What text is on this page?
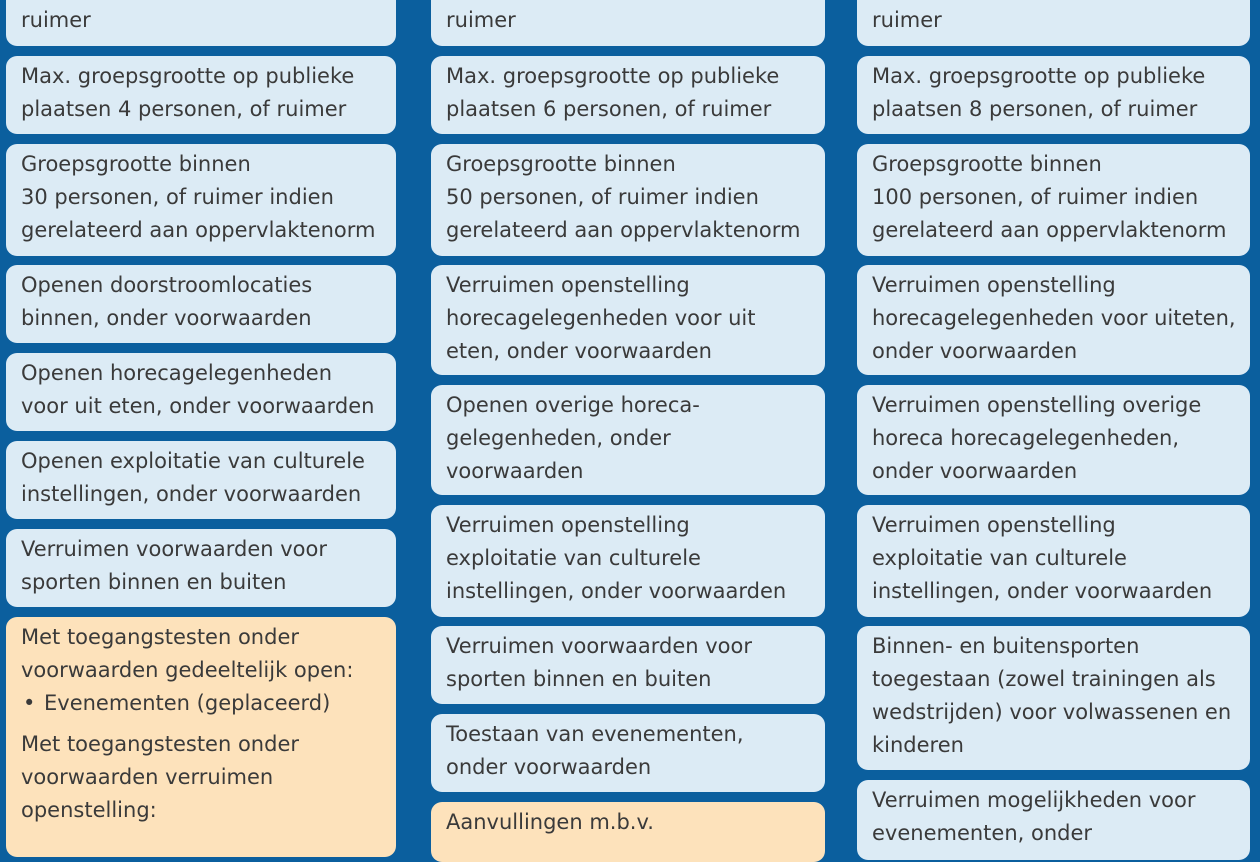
ruimer

Max. groepsgrootte op publieke
plaatsen 4 personen, of ruimer

Groepsgrootte binnen
30 personen, of ruimer indien
gerelateerd aan oppervlaktenorm

Openen doorstroomlocaties
binnen, onder voorwaarden

Openen horecagelegenheden
voor uit eten, onder voorwaarden

Openen exploitatie van culturele
instellingen, onder voorwaarden

Verruimen voorwaarden voor
sporten binnen en buiten

Met toegangstesten onder
voorwaarden gedeeltelijk open:

• Evenementen (geplaceerd)

Met toegangstesten onder
voorwaarden verruimen
openstelling:

ruimer

Max. groepsgrootte op publieke
plaatsen 6 personen, of ruimer

Groepsgrootte binnen
50 personen, of ruimer indien
gerelateerd aan oppervlaktenorm

Verruimen openstelling
horecagelegenheden voor uit
eten, onder voorwaarden

Openen overige horeca-
gelegenheden, onder
voorwaarden

Verruimen openstelling
exploitatie van culturele
instellingen, onder voorwaarden

Verruimen voorwaarden voor
sporten binnen en buiten

Toestaan van evenementen,
onder voorwaarden

Aanvullingen m.b.v.

ruimer

Max. groepsgrootte op publieke
plaatsen 8 personen, of ruimer

Groepsgrootte binnen
100 personen, of ruimer indien
gerelateerd aan oppervlaktenorm

Verruimen openstelling
horecagelegenheden voor uiteten,
onder voorwaarden

Verruimen openstelling overige
horeca horecagelegenheden,
onder voorwaarden

Verruimen openstelling
exploitatie van culturele
instellingen, onder voorwaarden

Binnen- en buitensporten
toegestaan (zowel trainingen als
wedstrijden) voor volwassenen en
kinderen

Verruimen mogelijkheden voor
evenementen, onder
